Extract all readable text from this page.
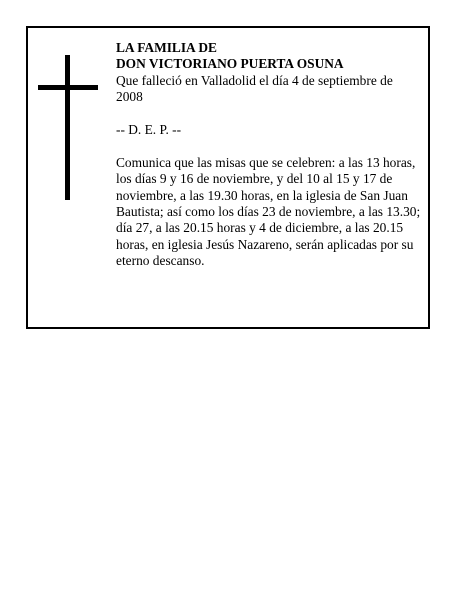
LA FAMILIA DE

DON VICTORIANO PUERTA OSUNA

Que falleció en Valladolid el día 4 de septiembre de 2008

-- D. E. P. --

Comunica que las misas que se celebren: a las 13 horas, los días 9 y 16 de noviembre, y del 10 al 15 y 17 de noviembre, a las 19.30 horas, en la iglesia de San Juan Bautista; así como los días 23 de noviembre, a las 13.30; día 27, a las 20.15 horas y 4 de diciembre, a las 20.15 horas, en iglesia Jesús Nazareno, serán aplicadas por su eterno descanso.
